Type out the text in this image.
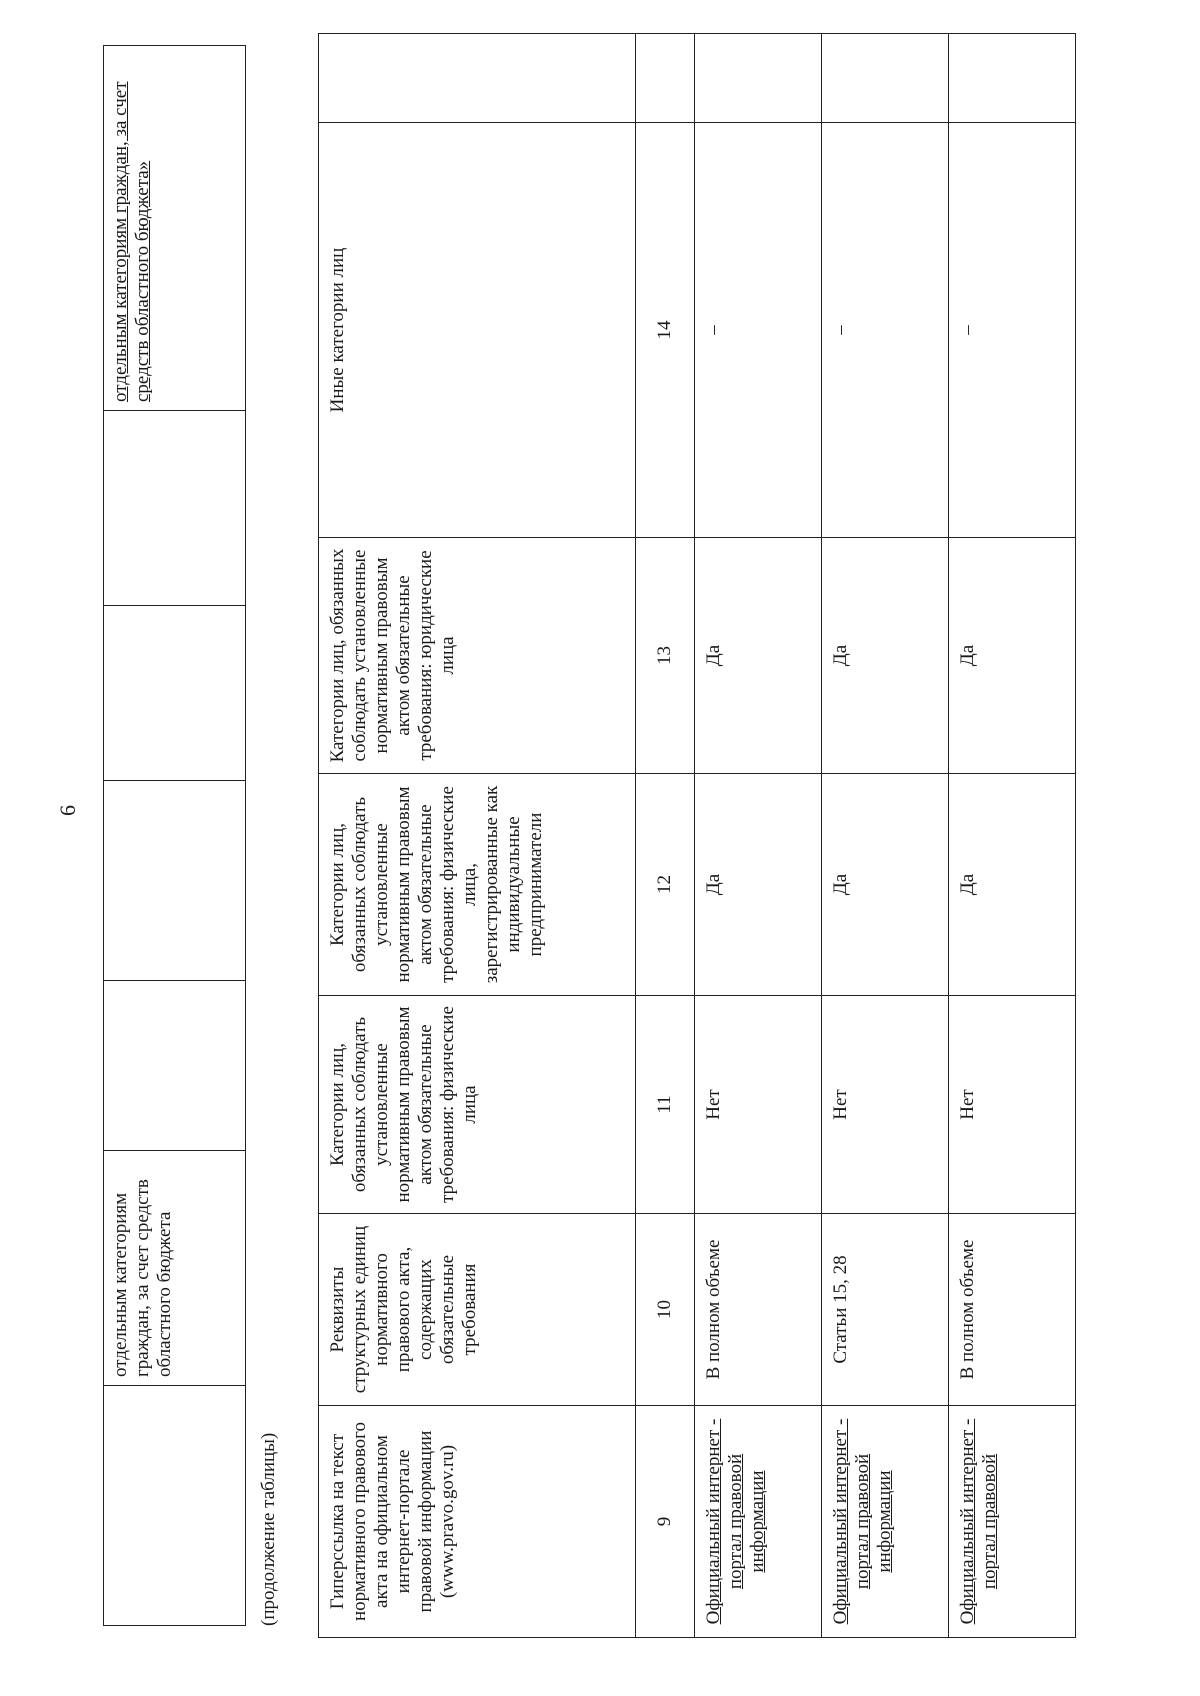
6
	отдельным категориям граждан, за счет средств областного бюджета					отдельным категориям граждан, за счет средств областного бюджета»
(продолжение таблицы)	Гиперссылка на текст нормативного правового акта на официальном интернет-портале правовой информации (www.pravo.gov.ru)	Реквизиты структурных единиц нормативного правового акта, содержащих обязательные требования	Категории лиц, обязанных соблюдать установленные нормативным правовым актом обязательные требования: физические лица	Категории лиц, обязанных соблюдать установленные нормативным правовым актом обязательные требования: физические лица, зарегистрированные как индивидуальные предприниматели	Категории лиц, обязанных соблюдать установленные нормативным правовым актом обязательные требования: юридические лица	Иные категории лиц	
9	10	11	12	13	14	
Официальный интернет - портал правовой информации	В полном объеме	Нет	Да	Да	–	
Официальный интернет - портал правовой информации	Статьи 15, 28	Нет	Да	Да	–	
Официальный интернет - портал правовой	В полном объеме	Нет	Да	Да	–	
